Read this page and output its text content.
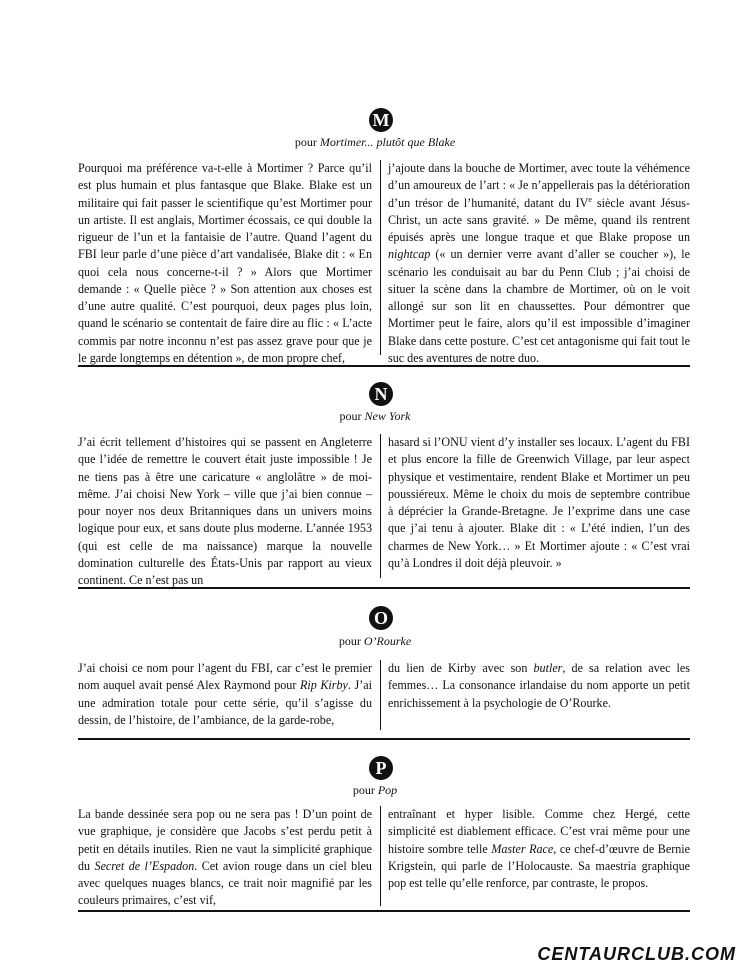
M
pour Mortimer... plutôt que Blake

Pourquoi ma préférence va-t-elle à Mortimer ? Parce qu’il est plus humain et plus fantasque que Blake. Blake est un militaire qui fait passer le scientifique qu’est Mortimer pour un artiste. Il est anglais, Mortimer écossais, ce qui double la rigueur de l’un et la fantaisie de l’autre. Quand l’agent du FBI leur parle d’une pièce d’art vandalisée, Blake dit : « En quoi cela nous concerne-t-il ? » Alors que Mortimer demande : « Quelle pièce ? » Son attention aux choses est d’une autre qualité. C’est pourquoi, deux pages plus loin, quand le scénario se contentait de faire dire au flic : « L’acte commis par notre inconnu n’est pas assez grave pour que je le garde longtemps en détention », de mon propre chef,

j’ajoute dans la bouche de Mortimer, avec toute la véhémence d’un amoureux de l’art : « Je n’appellerais pas la détérioration d’un trésor de l’humanité, datant du IVe siècle avant Jésus-Christ, un acte sans gravité. » De même, quand ils rentrent épuisés après une longue traque et que Blake propose un nightcap (« un dernier verre avant d’aller se coucher »), le scénario les conduisait au bar du Penn Club ; j’ai choisi de situer la scène dans la chambre de Mortimer, où on le voit allongé sur son lit en chaussettes. Pour démontrer que Mortimer peut le faire, alors qu’il est impossible d’imaginer Blake dans cette posture. C’est cet antagonisme qui fait tout le suc des aventures de notre duo.

N
pour New York

J’ai écrit tellement d’histoires qui se passent en Angleterre que l’idée de remettre le couvert était juste impossible ! Je ne tiens pas à être une caricature « anglolâtre » de moi-même. J’ai choisi New York – ville que j’ai bien connue – pour noyer nos deux Britanniques dans un univers moins logique pour eux, et sans doute plus moderne. L’année 1953 (qui est celle de ma naissance) marque la nouvelle domination culturelle des États-Unis par rapport au vieux continent. Ce n’est pas un

hasard si l’ONU vient d’y installer ses locaux. L’agent du FBI et plus encore la fille de Greenwich Village, par leur aspect physique et vestimentaire, rendent Blake et Mortimer un peu poussiéreux. Même le choix du mois de septembre contribue à déprécier la Grande-Bretagne. Je l’exprime dans une case que j’ai tenu à ajouter. Blake dit : « L’été indien, l’un des charmes de New York… » Et Mortimer ajoute : « C’est vrai qu’à Londres il doit déjà pleuvoir. »

O
pour O’Rourke

J’ai choisi ce nom pour l’agent du FBI, car c’est le premier nom auquel avait pensé Alex Raymond pour Rip Kirby. J’ai une admiration totale pour cette série, qu’il s’agisse du dessin, de l’histoire, de l’ambiance, de la garde-robe,

du lien de Kirby avec son butler, de sa relation avec les femmes… La consonance irlandaise du nom apporte un petit enrichissement à la psychologie de O’Rourke.

P
pour Pop

La bande dessinée sera pop ou ne sera pas ! D’un point de vue graphique, je considère que Jacobs s’est perdu petit à petit en détails inutiles. Rien ne vaut la simplicité graphique du Secret de l’Espadon. Cet avion rouge dans un ciel bleu avec quelques nuages blancs, ce trait noir magnifié par les couleurs primaires, c’est vif,

entraînant et hyper lisible. Comme chez Hergé, cette simplicité est diablement efficace. C’est vrai même pour une histoire sombre telle Master Race, ce chef-d’œuvre de Bernie Krigstein, qui parle de l’Holocauste. Sa maestria graphique pop est telle qu’elle renforce, par contraste, le propos.

CENTAURCLUB.COM
